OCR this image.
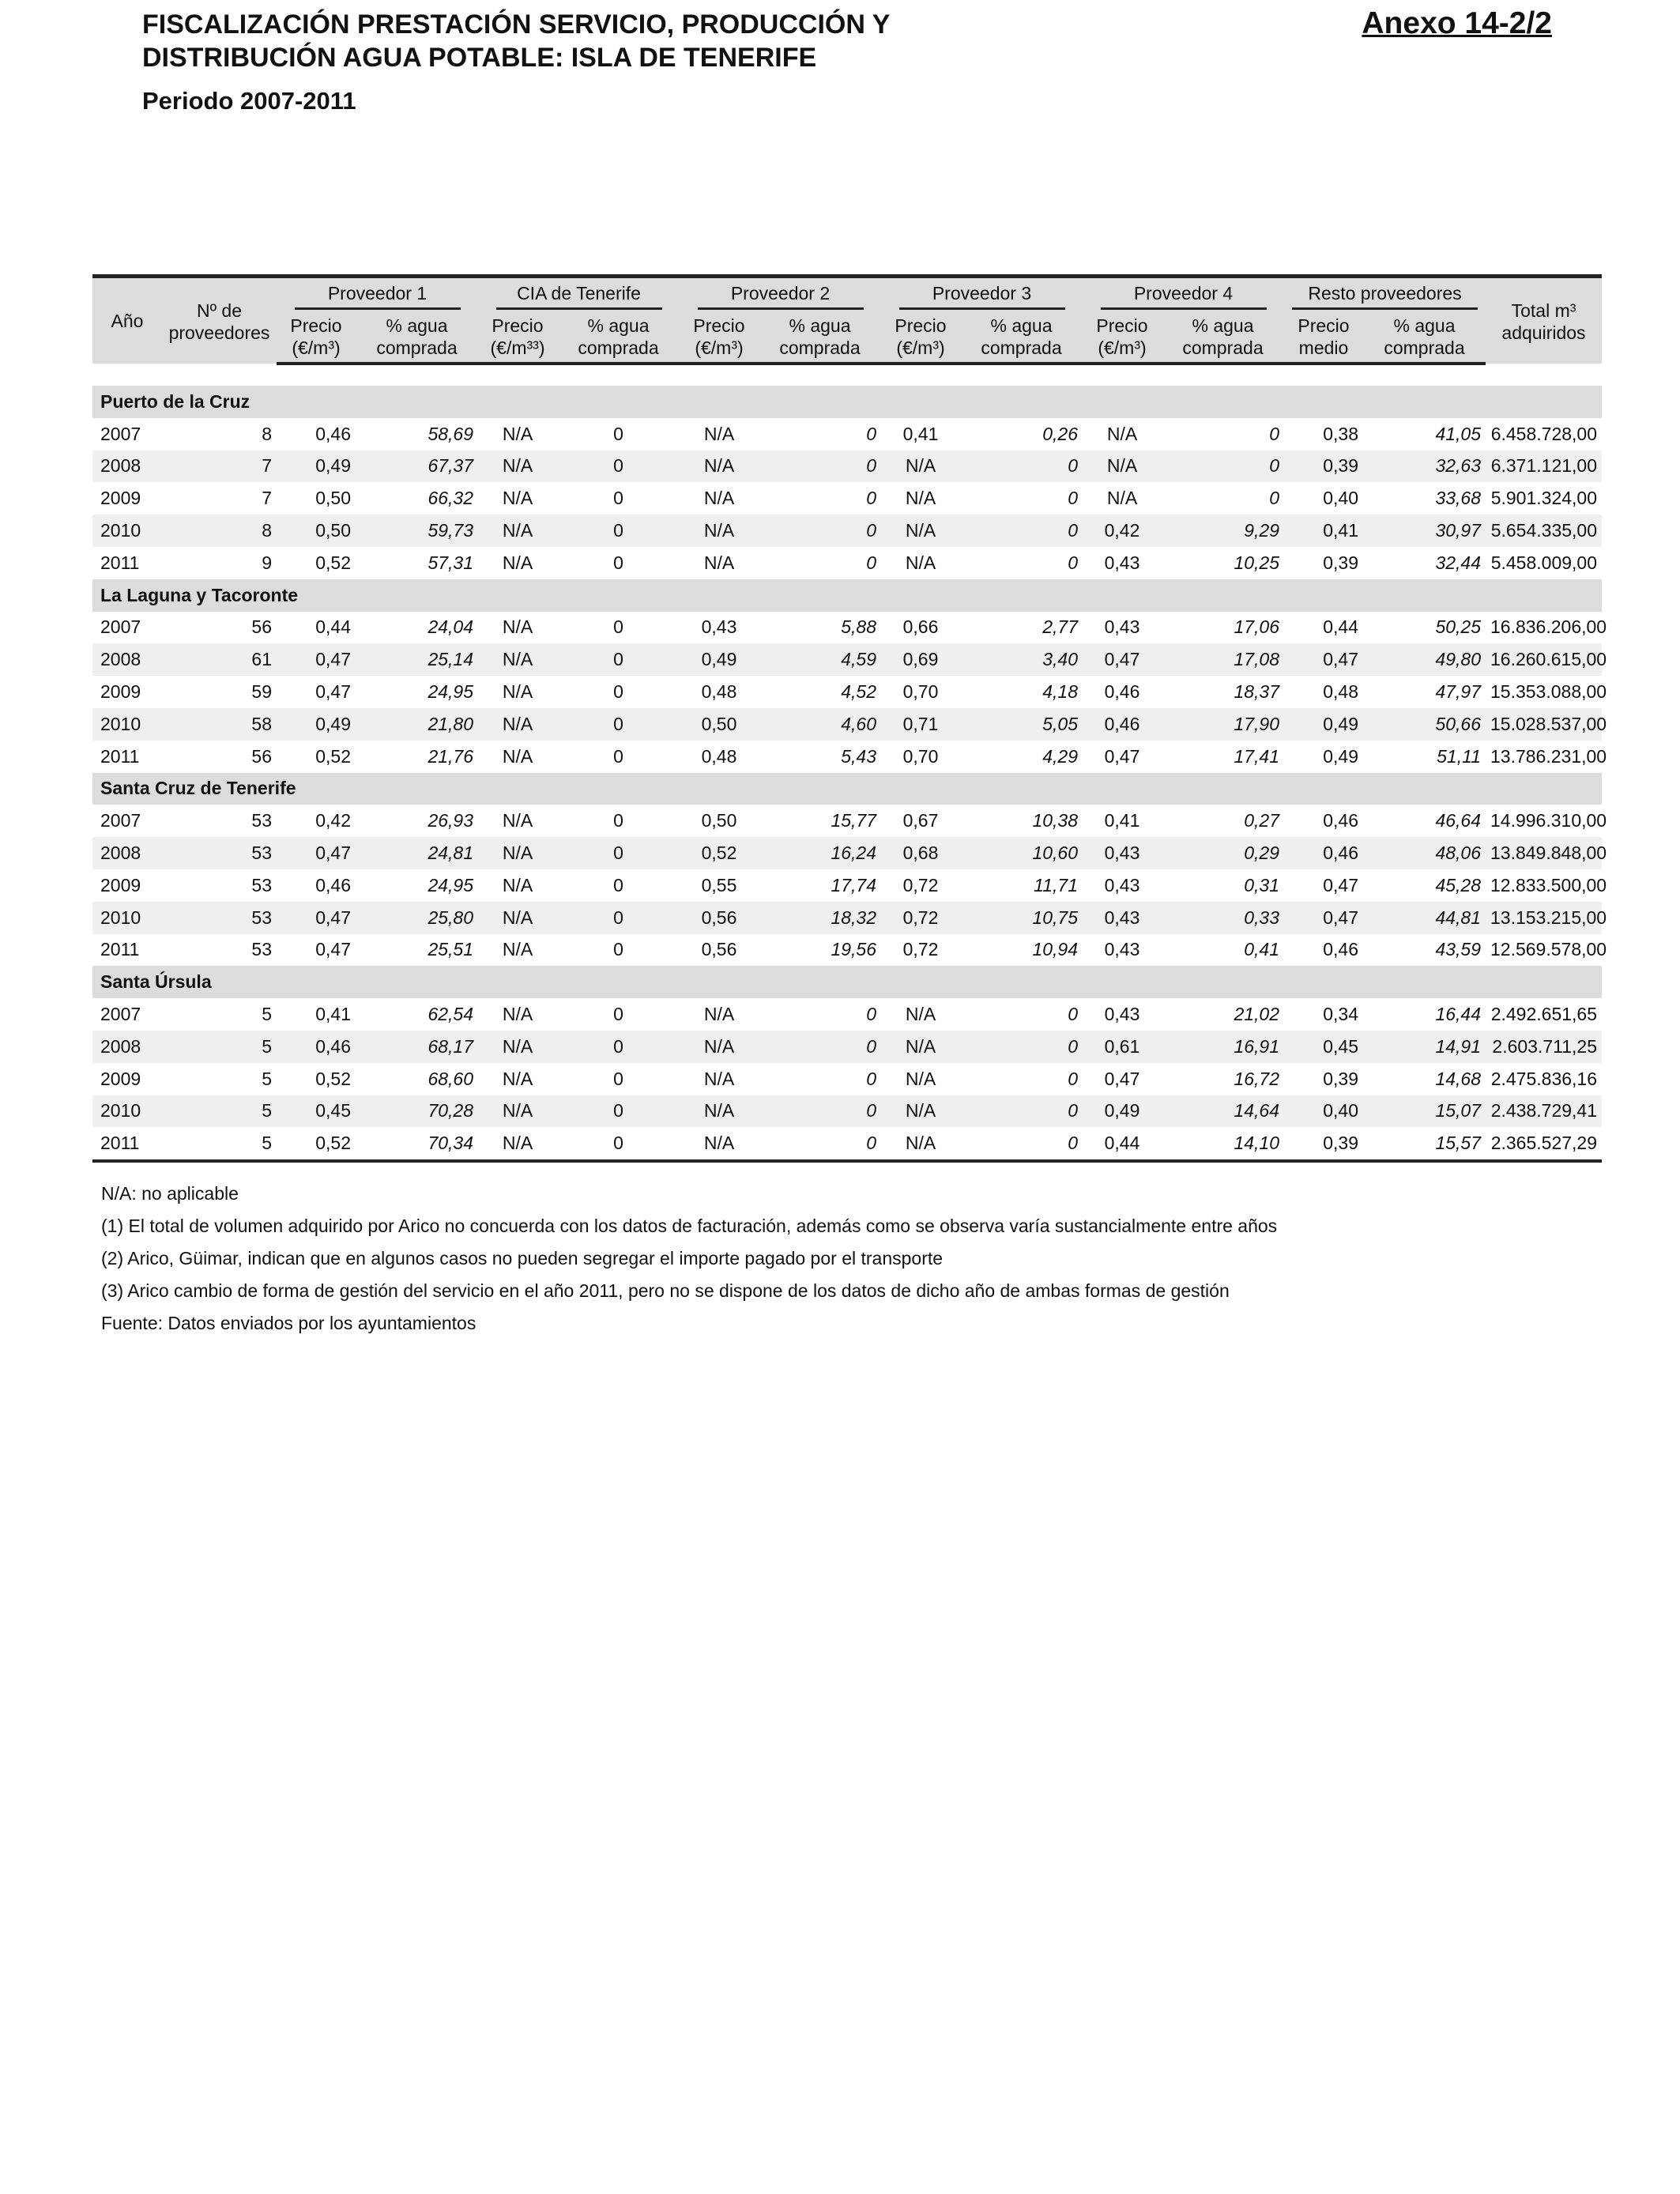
FISCALIZACIÓN PRESTACIÓN SERVICIO, PRODUCCIÓN Y DISTRIBUCIÓN AGUA POTABLE: ISLA DE TENERIFE

Periodo 2007-2011
Anexo 14-2/2
Año	Nº de proveedores	Proveedor 1		CIA de Tenerife		Proveedor 2		Proveedor 3		Proveedor 4		Resto proveedores		Total m³ adquiridos
		Precio (€/m³)	% agua comprada	Precio (€/m³³)	% agua comprada	Precio (€/m³)	% agua comprada	Precio (€/m³)	% agua comprada	Precio (€/m³)	% agua comprada	Precio medio	% agua comprada	

Puerto de la Cruz														
2007	8	0,46	58,69	N/A	0	N/A	0	0,41	0,26	N/A	0	0,38	41,05	6.458.728,00
2008	7	0,49	67,37	N/A	0	N/A	0	N/A	0	N/A	0	0,39	32,63	6.371.121,00
2009	7	0,50	66,32	N/A	0	N/A	0	N/A	0	N/A	0	0,40	33,68	5.901.324,00
2010	8	0,50	59,73	N/A	0	N/A	0	N/A	0	0,42	9,29	0,41	30,97	5.654.335,00
2011	9	0,52	57,31	N/A	0	N/A	0	N/A	0	0,43	10,25	0,39	32,44	5.458.009,00
La Laguna y Tacoronte														
2007	56	0,44	24,04	N/A	0	0,43	5,88	0,66	2,77	0,43	17,06	0,44	50,25	16.836.206,00
2008	61	0,47	25,14	N/A	0	0,49	4,59	0,69	3,40	0,47	17,08	0,47	49,80	16.260.615,00
2009	59	0,47	24,95	N/A	0	0,48	4,52	0,70	4,18	0,46	18,37	0,48	47,97	15.353.088,00
2010	58	0,49	21,80	N/A	0	0,50	4,60	0,71	5,05	0,46	17,90	0,49	50,66	15.028.537,00
2011	56	0,52	21,76	N/A	0	0,48	5,43	0,70	4,29	0,47	17,41	0,49	51,11	13.786.231,00
Santa Cruz de Tenerife														
2007	53	0,42	26,93	N/A	0	0,50	15,77	0,67	10,38	0,41	0,27	0,46	46,64	14.996.310,00
2008	53	0,47	24,81	N/A	0	0,52	16,24	0,68	10,60	0,43	0,29	0,46	48,06	13.849.848,00
2009	53	0,46	24,95	N/A	0	0,55	17,74	0,72	11,71	0,43	0,31	0,47	45,28	12.833.500,00
2010	53	0,47	25,80	N/A	0	0,56	18,32	0,72	10,75	0,43	0,33	0,47	44,81	13.153.215,00
2011	53	0,47	25,51	N/A	0	0,56	19,56	0,72	10,94	0,43	0,41	0,46	43,59	12.569.578,00
Santa Úrsula														
2007	5	0,41	62,54	N/A	0	N/A	0	N/A	0	0,43	21,02	0,34	16,44	2.492.651,65
2008	5	0,46	68,17	N/A	0	N/A	0	N/A	0	0,61	16,91	0,45	14,91	2.603.711,25
2009	5	0,52	68,60	N/A	0	N/A	0	N/A	0	0,47	16,72	0,39	14,68	2.475.836,16
2010	5	0,45	70,28	N/A	0	N/A	0	N/A	0	0,49	14,64	0,40	15,07	2.438.729,41
2011	5	0,52	70,34	N/A	0	N/A	0	N/A	0	0,44	14,10	0,39	15,57	2.365.527,29
N/A: no aplicable
(1) El total de volumen adquirido por Arico no concuerda con los datos de facturación, además como se observa varía sustancialmente entre años
(2) Arico, Güimar, indican que en algunos casos no pueden segregar el importe pagado por el transporte
(3) Arico cambio de forma de gestión del servicio en el año 2011, pero no se dispone de los datos de dicho año de ambas formas de gestión
Fuente: Datos enviados por los ayuntamientos
